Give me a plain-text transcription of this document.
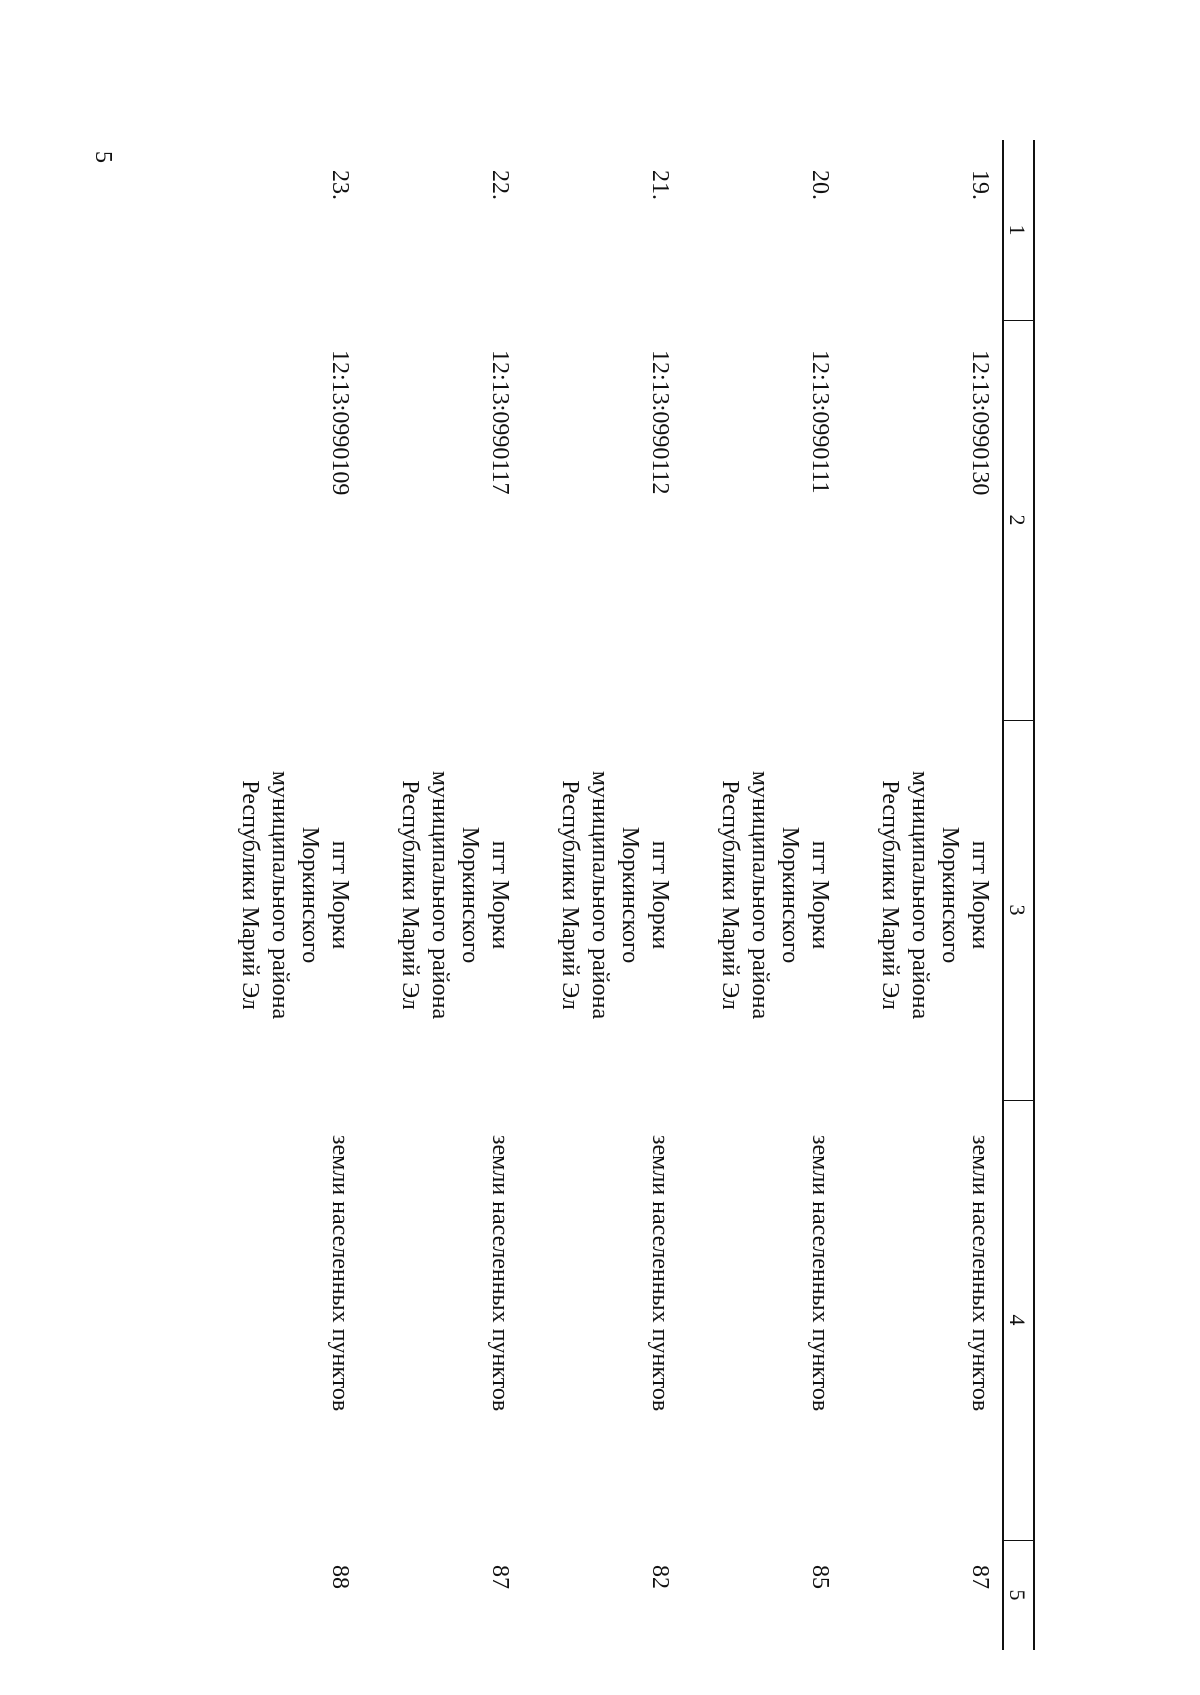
5
1
2
3
4
5
19.
12:13:0990130
пгт Морки
Моркинского
муниципального района
Республики Марий Эл
земли населенных пунктов
87
20.
12:13:0990111
пгт Морки
Моркинского
муниципального района
Республики Марий Эл
земли населенных пунктов
85
21.
12:13:0990112
пгт Морки
Моркинского
муниципального района
Республики Марий Эл
земли населенных пунктов
82
22.
12:13:0990117
пгт Морки
Моркинского
муниципального района
Республики Марий Эл
земли населенных пунктов
87
23.
12:13:0990109
пгт Морки
Моркинского
муниципального района
Республики Марий Эл
земли населенных пунктов
88
